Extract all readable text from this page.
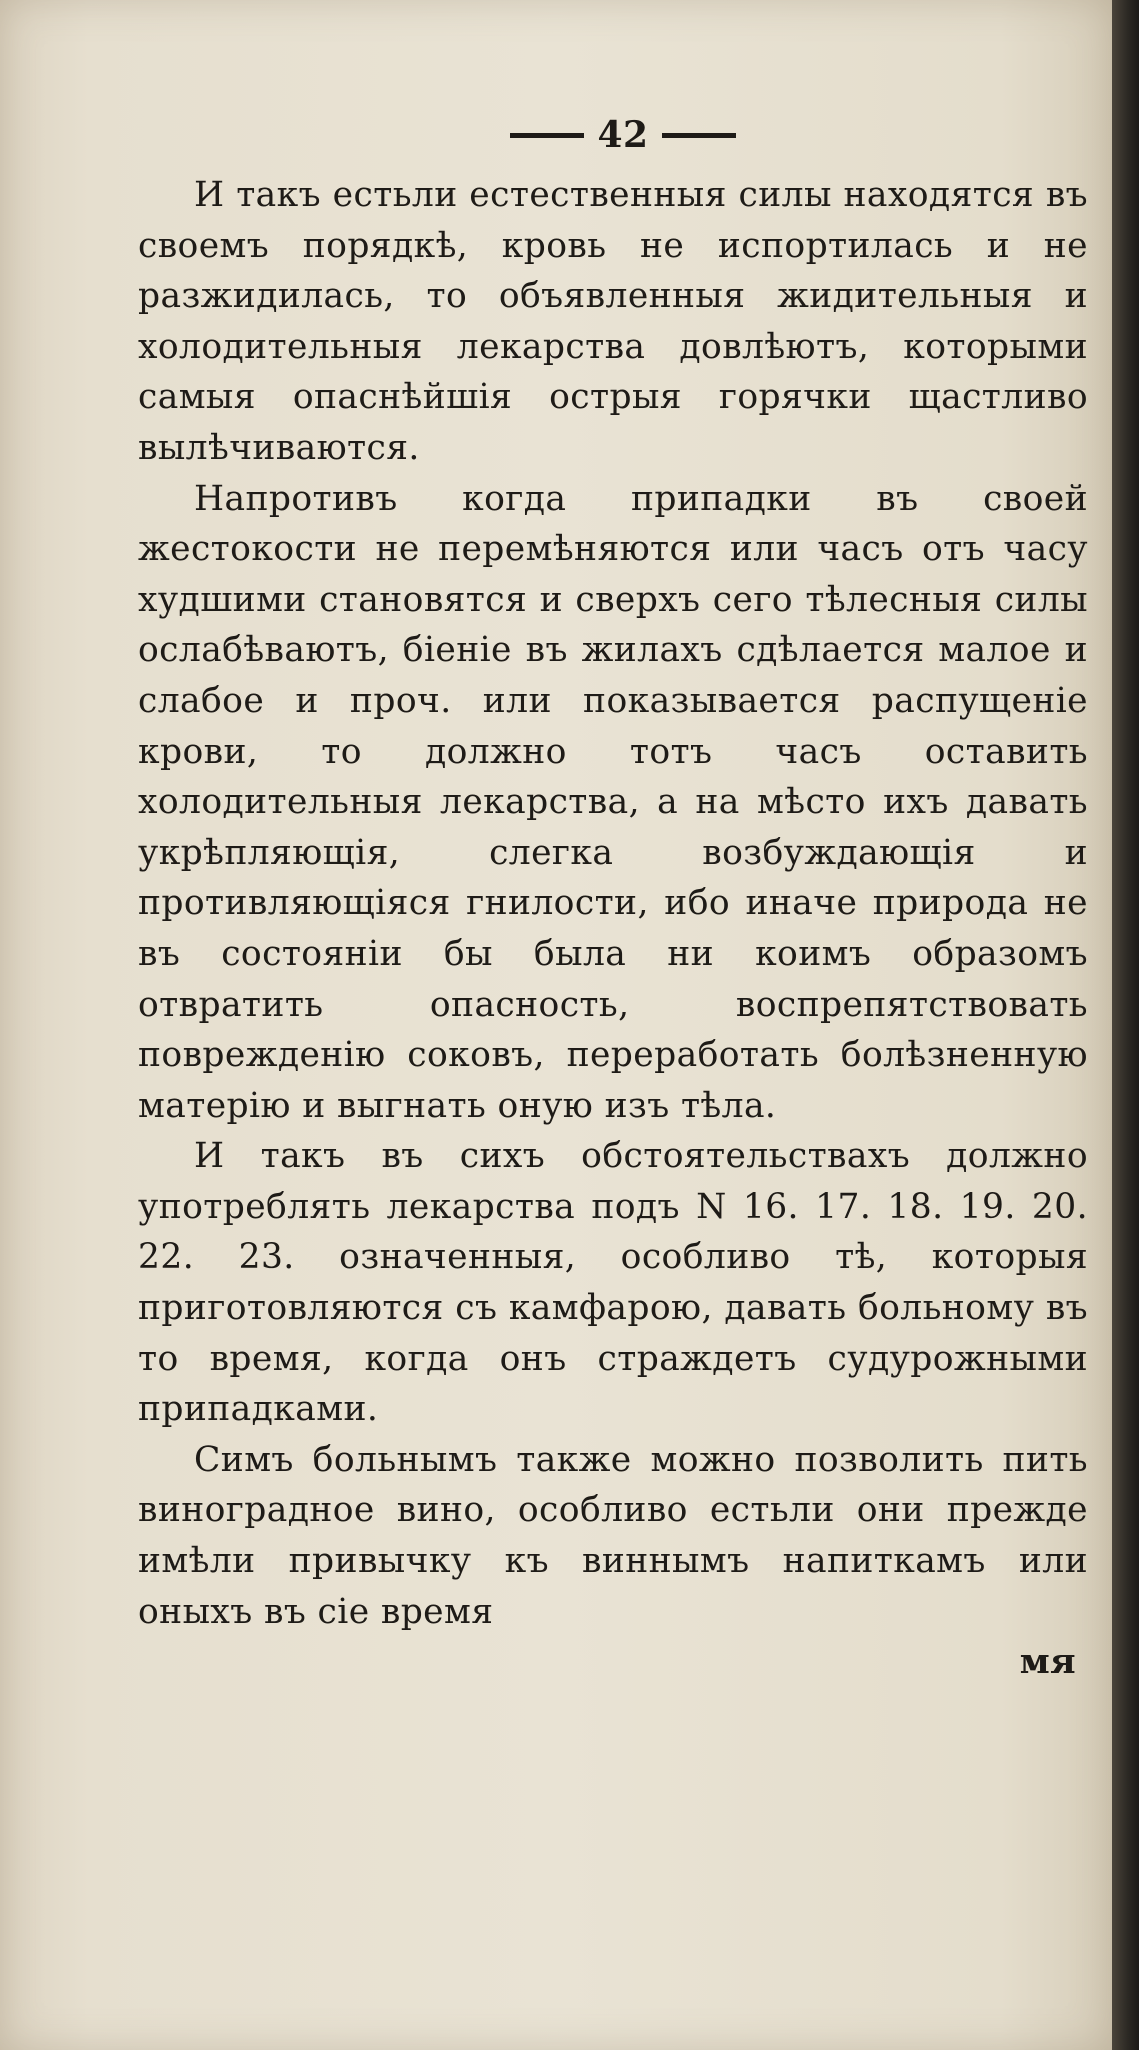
42

И такъ естьли естественныя силы находятся въ своемъ порядкѣ, кровь не испортилась и не разжидилась, то объявленныя жидительныя и холодительныя лекарства довлѣютъ, которыми самыя опаснѣйшія острыя горячки щастливо вылѣчиваются.

Напротивъ когда припадки въ своей жестокости не перемѣняются или часъ отъ часу худшими становятся и сверхъ сего тѣлесныя силы ослабѣваютъ, біеніе въ жилахъ сдѣлается малое и слабое и проч. или показывается распущеніе крови, то должно тотъ часъ оставить холодительныя лекарства, а на мѣсто ихъ давать укрѣпляющія, слегка возбуждающія и противляющіяся гнилости, ибо иначе природа не въ состояніи бы была ни коимъ образомъ отвратить опасность, воспрепятствовать поврежденію соковъ, переработать болѣзненную матерію и выгнать оную изъ тѣла.

И такъ въ сихъ обстоятельствахъ должно употреблять лекарства подъ N 16. 17. 18. 19. 20. 22. 23. означенныя, особливо тѣ, которыя приготовляются съ камфарою, давать больному въ то время, когда онъ страждетъ судурожными припадками.

Симъ больнымъ также можно позволить пить виноградное вино, особливо естьли они прежде имѣли привычку къ виннымъ напиткамъ или оныхъ въ сіе время

мя
